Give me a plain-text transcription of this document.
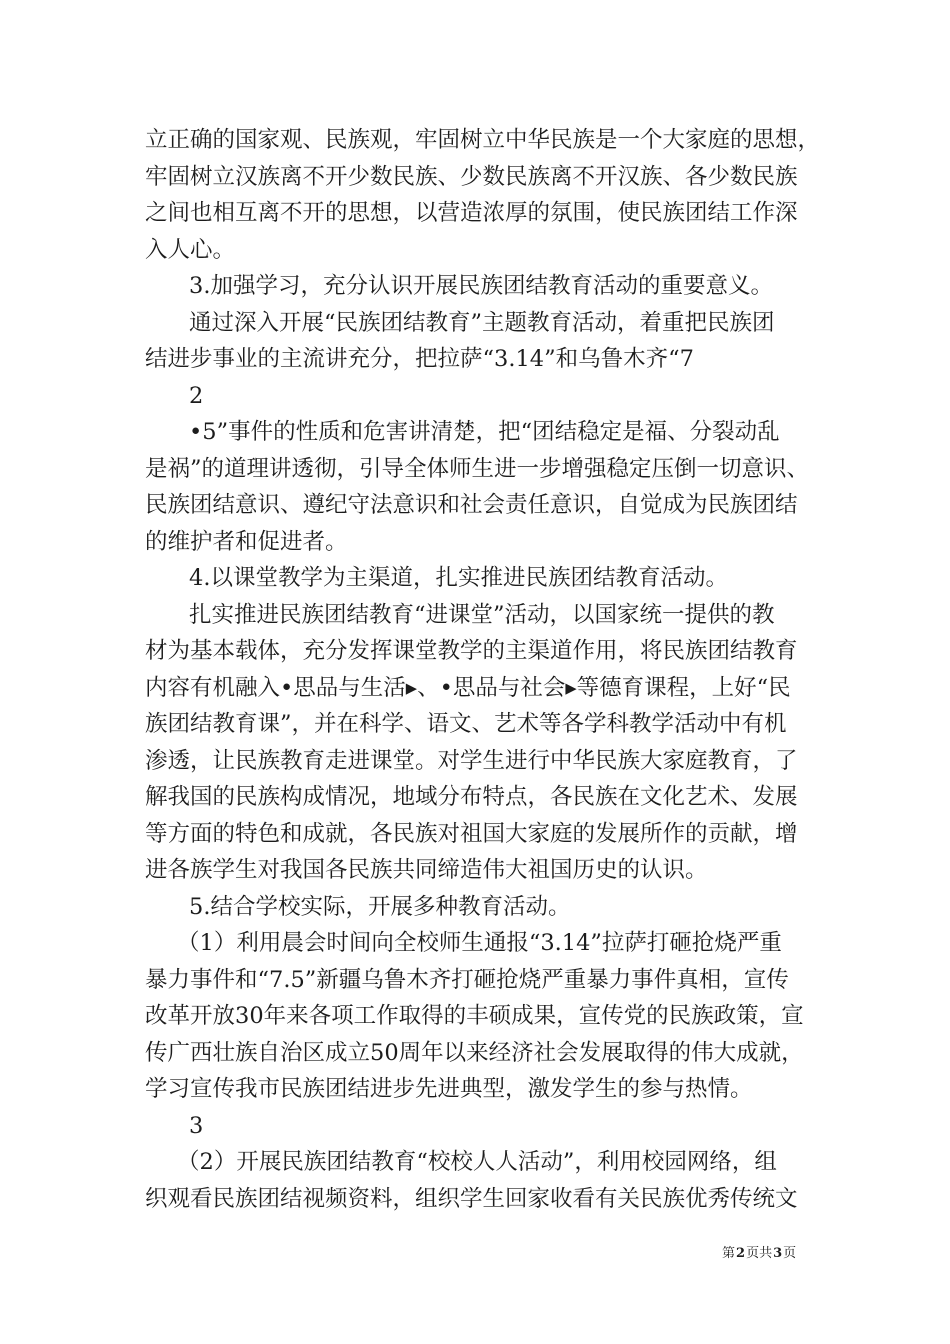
立正确的国家观、民族观，牢固树立中华民族是一个大家庭的思想，
牢固树立汉族离不开少数民族、少数民族离不开汉族、各少数民族
之间也相互离不开的思想，以营造浓厚的氛围，使民族团结工作深
入人心。
3.加强学习，充分认识开展民族团结教育活动的重要意义。
通过深入开展“民族团结教育”主题教育活动，着重把民族团
结进步事业的主流讲充分，把拉萨“3.14”和乌鲁木齐“7
2
•5”事件的性质和危害讲清楚，把“团结稳定是福、分裂动乱
是祸”的道理讲透彻，引导全体师生进一步增强稳定压倒一切意识、
民族团结意识、遵纪守法意识和社会责任意识，自觉成为民族团结
的维护者和促进者。
4.以课堂教学为主渠道，扎实推进民族团结教育活动。
扎实推进民族团结教育“进课堂”活动，以国家统一提供的教
材为基本载体，充分发挥课堂教学的主渠道作用，将民族团结教育
内容有机融入•思品与生活▸、•思品与社会▸等德育课程，上好“民
族团结教育课”，并在科学、语文、艺术等各学科教学活动中有机
渗透，让民族教育走进课堂。对学生进行中华民族大家庭教育，了
解我国的民族构成情况，地域分布特点，各民族在文化艺术、发展
等方面的特色和成就，各民族对祖国大家庭的发展所作的贡献，增
进各族学生对我国各民族共同缔造伟大祖国历史的认识。
5.结合学校实际，开展多种教育活动。
（1）利用晨会时间向全校师生通报“3.14”拉萨打砸抢烧严重
暴力事件和“7.5”新疆乌鲁木齐打砸抢烧严重暴力事件真相，宣传
改革开放30年来各项工作取得的丰硕成果，宣传党的民族政策，宣
传广西壮族自治区成立50周年以来经济社会发展取得的伟大成就，
学习宣传我市民族团结进步先进典型，激发学生的参与热情。
3
（2）开展民族团结教育“校校人人活动”，利用校园网络，组
织观看民族团结视频资料，组织学生回家收看有关民族优秀传统文
第2页共3页
